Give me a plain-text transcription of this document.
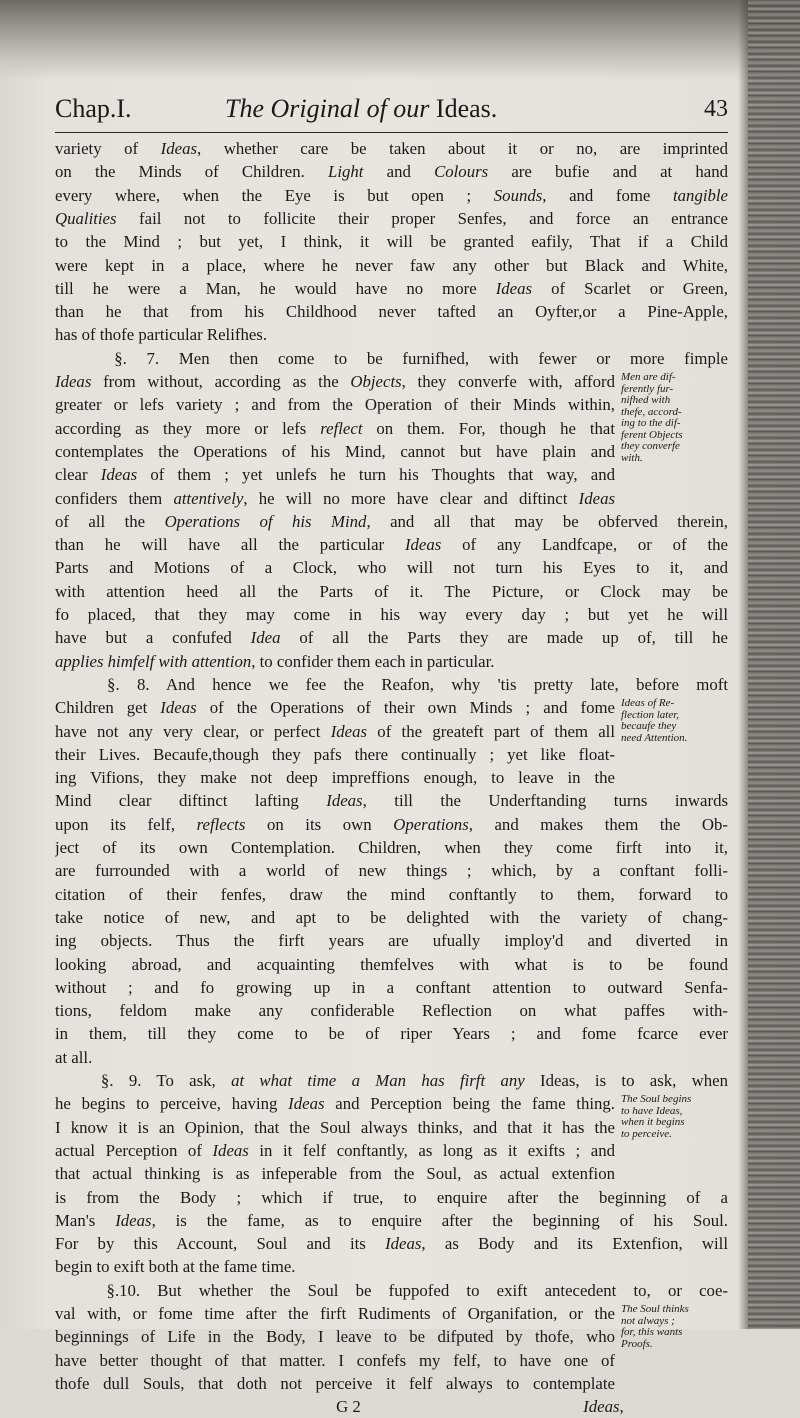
Chap.I.	The Original of our Ideas.	43
variety of Ideas, whether care be taken about it or no, are imprinted
on the Minds of Children. Light and Colours are bufie and at hand
every where, when the Eye is but open ; Sounds, and fome tangible
Qualities fail not to follicite their proper Senfes, and force an entrance
to the Mind ; but yet, I think, it will be granted eafily, That if a Child
were kept in a place, where he never faw any other but Black and White,
till he were a Man, he would have no more Ideas of Scarlet or Green,
than he that from his Childhood never tafted an Oyfter,or a Pine-Apple,
has of thofe particular Relifhes.
§. 7. Men then come to be furnifhed, with fewer or more fimple
Ideas from without, according as the Objects, they converfe with, afford
greater or lefs variety ; and from the Operation of their Minds within,
according as they more or lefs reflect on them. For, though he that
contemplates the Operations of his Mind, cannot but have plain and
clear Ideas of them ; yet unlefs he turn his Thoughts that way, and
confiders them attentively, he will no more have clear and diftinct Ideas
of all the Operations of his Mind, and all that may be obferved therein,
than he will have all the particular Ideas of any Landfcape, or of the
Parts and Motions of a Clock, who will not turn his Eyes to it, and
with attention heed all the Parts of it. The Picture, or Clock may be
fo placed, that they may come in his way every day ; but yet he will
have but a confufed Idea of all the Parts they are made up of, till he
applies himfelf with attention, to confider them each in particular.
§. 8. And hence we fee the Reafon, why 'tis pretty late, before moft
Children get Ideas of the Operations of their own Minds ; and fome
have not any very clear, or perfect Ideas of the greateft part of them all
their Lives. Becaufe,though they pafs there continually ; yet like float-
ing Vifions, they make not deep impreffions enough, to leave in the
Mind clear diftinct lafting Ideas, till the Underftanding turns inwards
upon its felf, reflects on its own Operations, and makes them the Ob-
ject of its own Contemplation. Children, when they come firft into it,
are furrounded with a world of new things ; which, by a conftant folli-
citation of their fenfes, draw the mind conftantly to them, forward to
take notice of new, and apt to be delighted with the variety of chang-
ing objects. Thus the firft years are ufually imploy'd and diverted in
looking abroad, and acquainting themfelves with what is to be found
without ; and fo growing up in a conftant attention to outward Senfa-
tions, feldom make any confiderable Reflection on what paffes with-
in them, till they come to be of riper Years ; and fome fcarce ever
at all.
§. 9. To ask, at what time a Man has firft any Ideas, is to ask, when
he begins to perceive, having Ideas and Perception being the fame thing.
I know it is an Opinion, that the Soul always thinks, and that it has the
actual Perception of Ideas in it felf conftantly, as long as it exifts ; and
that actual thinking is as infeperable from the Soul, as actual extenfion
is from the Body ; which if true, to enquire after the beginning of a
Man's Ideas, is the fame, as to enquire after the beginning of his Soul.
For by this Account, Soul and its Ideas, as Body and its Extenfion, will
begin to exift both at the fame time.
§.10. But whether the Soul be fuppofed to exift antecedent to, or coe-
val with, or fome time after the firft Rudiments of Organifation, or the
beginnings of Life in the Body, I leave to be difputed by thofe, who
have better thought of that matter. I confefs my felf, to have one of
thofe dull Souls, that doth not perceive it felf always to contemplate
G 2                                                     Ideas,
Men are dif-
ferently fur-
nifhed with
thefe, accord-
ing to the dif-
ferent Objects
they converfe
with.
Ideas of Re-
flection later,
becaufe they
need Attention.
The Soul begins
to have Ideas,
when it begins
to perceive.
The Soul thinks
not always ;
for, this wants
Proofs.
